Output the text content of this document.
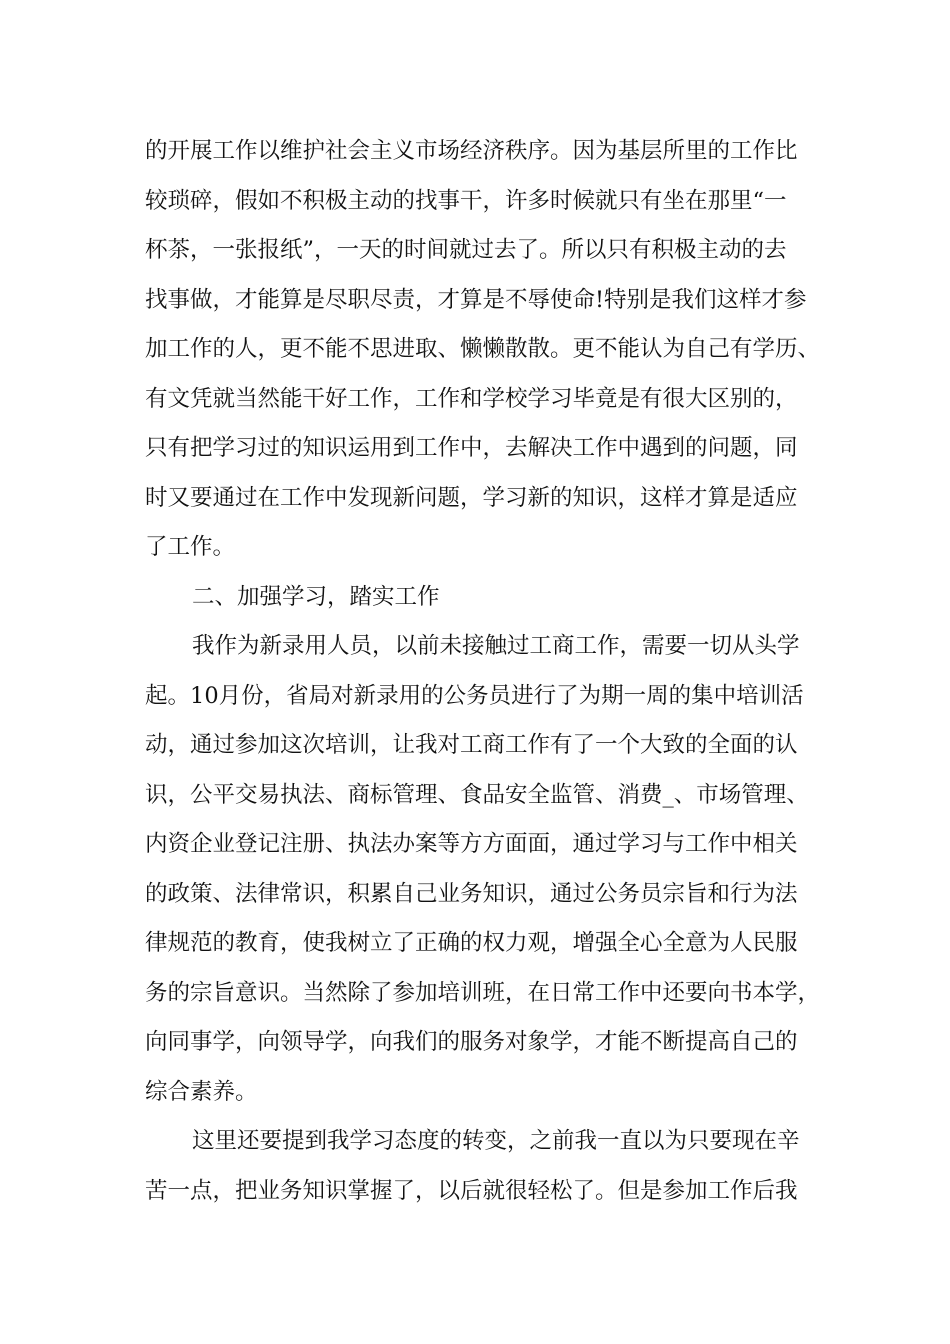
的开展工作以维护社会主义市场经济秩序。因为基层所里的工作比

较琐碎，假如不积极主动的找事干，许多时候就只有坐在那里“一

杯茶，一张报纸”，一天的时间就过去了。所以只有积极主动的去

找事做，才能算是尽职尽责，才算是不辱使命!特别是我们这样才参

加工作的人，更不能不思进取、懒懒散散。更不能认为自己有学历、

有文凭就当然能干好工作，工作和学校学习毕竟是有很大区别的，

只有把学习过的知识运用到工作中，去解决工作中遇到的问题，同

时又要通过在工作中发现新问题，学习新的知识，这样才算是适应

了工作。

二、加强学习，踏实工作

我作为新录用人员，以前未接触过工商工作，需要一切从头学

起。10月份，省局对新录用的公务员进行了为期一周的集中培训活

动，通过参加这次培训，让我对工商工作有了一个大致的全面的认

识，公平交易执法、商标管理、食品安全监管、消费_、市场管理、

内资企业登记注册、执法办案等方方面面，通过学习与工作中相关

的政策、法律常识，积累自己业务知识，通过公务员宗旨和行为法

律规范的教育，使我树立了正确的权力观，增强全心全意为人民服

务的宗旨意识。当然除了参加培训班，在日常工作中还要向书本学，

向同事学，向领导学，向我们的服务对象学，才能不断提高自己的

综合素养。

这里还要提到我学习态度的转变，之前我一直以为只要现在辛

苦一点，把业务知识掌握了，以后就很轻松了。但是参加工作后我
